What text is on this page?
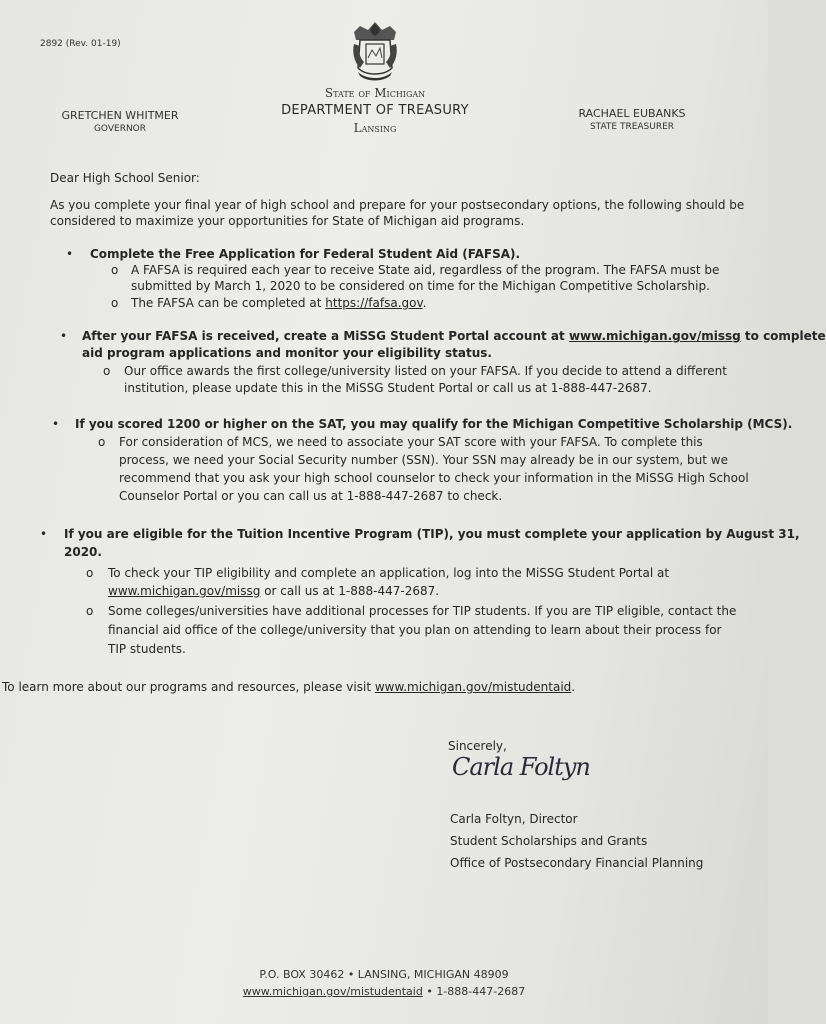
2892 (Rev. 01-19)
State of Michigan
DEPARTMENT OF TREASURY
Lansing
GRETCHEN WHITMER
GOVERNOR
RACHAEL EUBANKS
STATE TREASURER
Dear High School Senior:
As you complete your final year of high school and prepare for your postsecondary options, the following should be
considered to maximize your opportunities for State of Michigan aid programs.
• Complete the Free Application for Federal Student Aid (FAFSA).
o A FAFSA is required each year to receive State aid, regardless of the program. The FAFSA must be
submitted by March 1, 2020 to be considered on time for the Michigan Competitive Scholarship.
o The FAFSA can be completed at https://fafsa.gov.
• After your FAFSA is received, create a MiSSG Student Portal account at www.michigan.gov/missg to complete
aid program applications and monitor your eligibility status.
o Our office awards the first college/university listed on your FAFSA. If you decide to attend a different
institution, please update this in the MiSSG Student Portal or call us at 1-888-447-2687.
• If you scored 1200 or higher on the SAT, you may qualify for the Michigan Competitive Scholarship (MCS).
o For consideration of MCS, we need to associate your SAT score with your FAFSA. To complete this
process, we need your Social Security number (SSN). Your SSN may already be in our system, but we
recommend that you ask your high school counselor to check your information in the MiSSG High School
Counselor Portal or you can call us at 1-888-447-2687 to check.
• If you are eligible for the Tuition Incentive Program (TIP), you must complete your application by August 31,
2020.
o To check your TIP eligibility and complete an application, log into the MiSSG Student Portal at
www.michigan.gov/missg or call us at 1-888-447-2687.
o Some colleges/universities have additional processes for TIP students. If you are TIP eligible, contact the
financial aid office of the college/university that you plan on attending to learn about their process for
TIP students.
To learn more about our programs and resources, please visit www.michigan.gov/mistudentaid.
Sincerely,
Carla Foltyn
Carla Foltyn, Director
Student Scholarships and Grants
Office of Postsecondary Financial Planning
P.O. BOX 30462 • LANSING, MICHIGAN 48909
www.michigan.gov/mistudentaid • 1-888-447-2687
